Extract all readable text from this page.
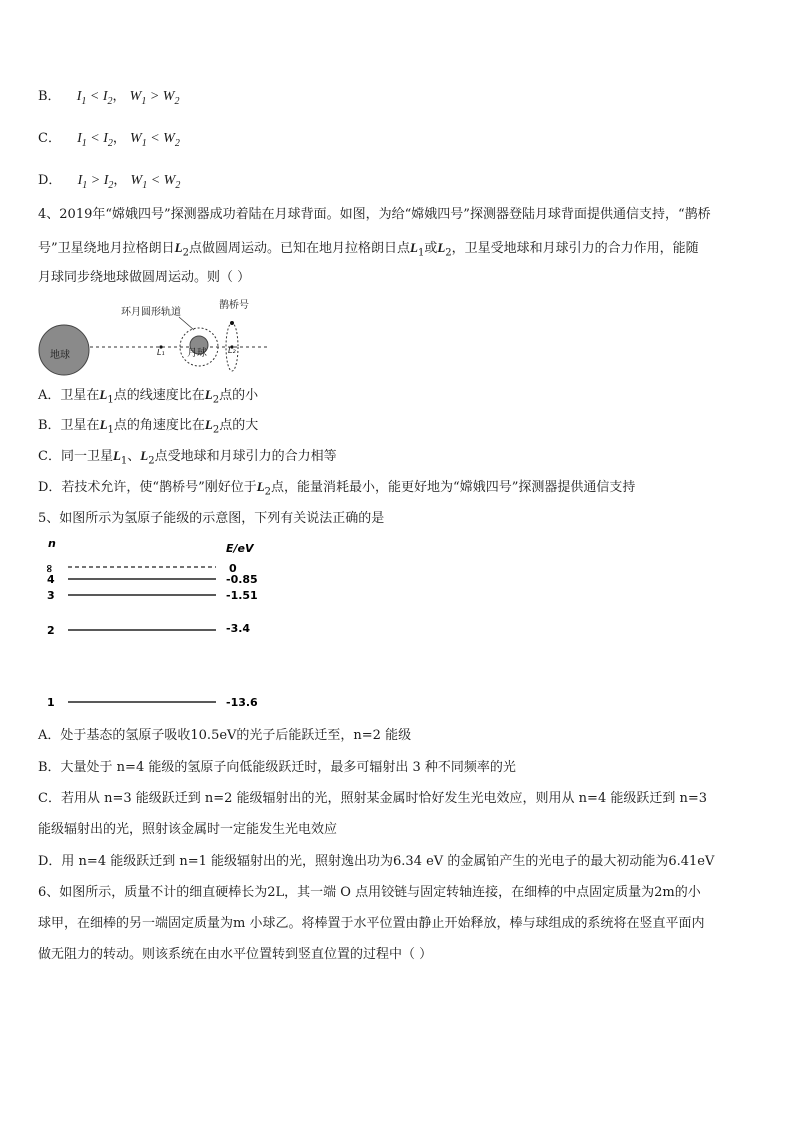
B． $I_1 < I_2$， $W_1 > W_2$
C． $I_1 < I_2$， $W_1 < W_2$
D． $I_1 > I_2$， $W_1 < W_2$
4、2019年“嫦娥四号”探测器成功着陆在月球背面。如图，为给“嫦娥四号”探测器登陆月球背面提供通信支持，“鹊桥
号”卫星绕地月拉格朗日$L_2$点做圆周运动。已知在地月拉格朗日点$L_1$或$L_2$，卫星受地球和月球引力的合力作用，能随
月球同步绕地球做圆周运动。则（ ）
环月圆形轨道
鹊桥号
地球	月球
L₁	L₂
A．卫星在$L_1$点的线速度比在$L_2$点的小
B．卫星在$L_1$点的角速度比在$L_2$点的大
C．同一卫星$L_1$、$L_2$点受地球和月球引力的合力相等
D．若技术允许，使“鹊桥号”刚好位于$L_2$点，能量消耗最小，能更好地为“嫦娥四号”探测器提供通信支持
5、如图所示为氢原子能级的示意图，下列有关说法正确的是
n	E/eV
∞	0
4	-0.85
3	-1.51
2	-3.4
1	-13.6
A．处于基态的氢原子吸收10.5eV的光子后能跃迁至，n=2 能级
B．大量处于 n=4 能级的氢原子向低能级跃迁时，最多可辐射出 3 种不同频率的光
C．若用从 n=3 能级跃迁到 n=2 能级辐射出的光，照射某金属时恰好发生光电效应，则用从 n=4 能级跃迁到 n=3
能级辐射出的光，照射该金属时一定能发生光电效应
D．用 n=4 能级跃迁到 n=1 能级辐射出的光，照射逸出功为6.34 eV 的金属铂产生的光电子的最大初动能为6.41eV
6、如图所示，质量不计的细直硬棒长为2L，其一端 O 点用铰链与固定转轴连接，在细棒的中点固定质量为2m的小
球甲，在细棒的另一端固定质量为m 小球乙。将棒置于水平位置由静止开始释放，棒与球组成的系统将在竖直平面内
做无阻力的转动。则该系统在由水平位置转到竖直位置的过程中（ ）
